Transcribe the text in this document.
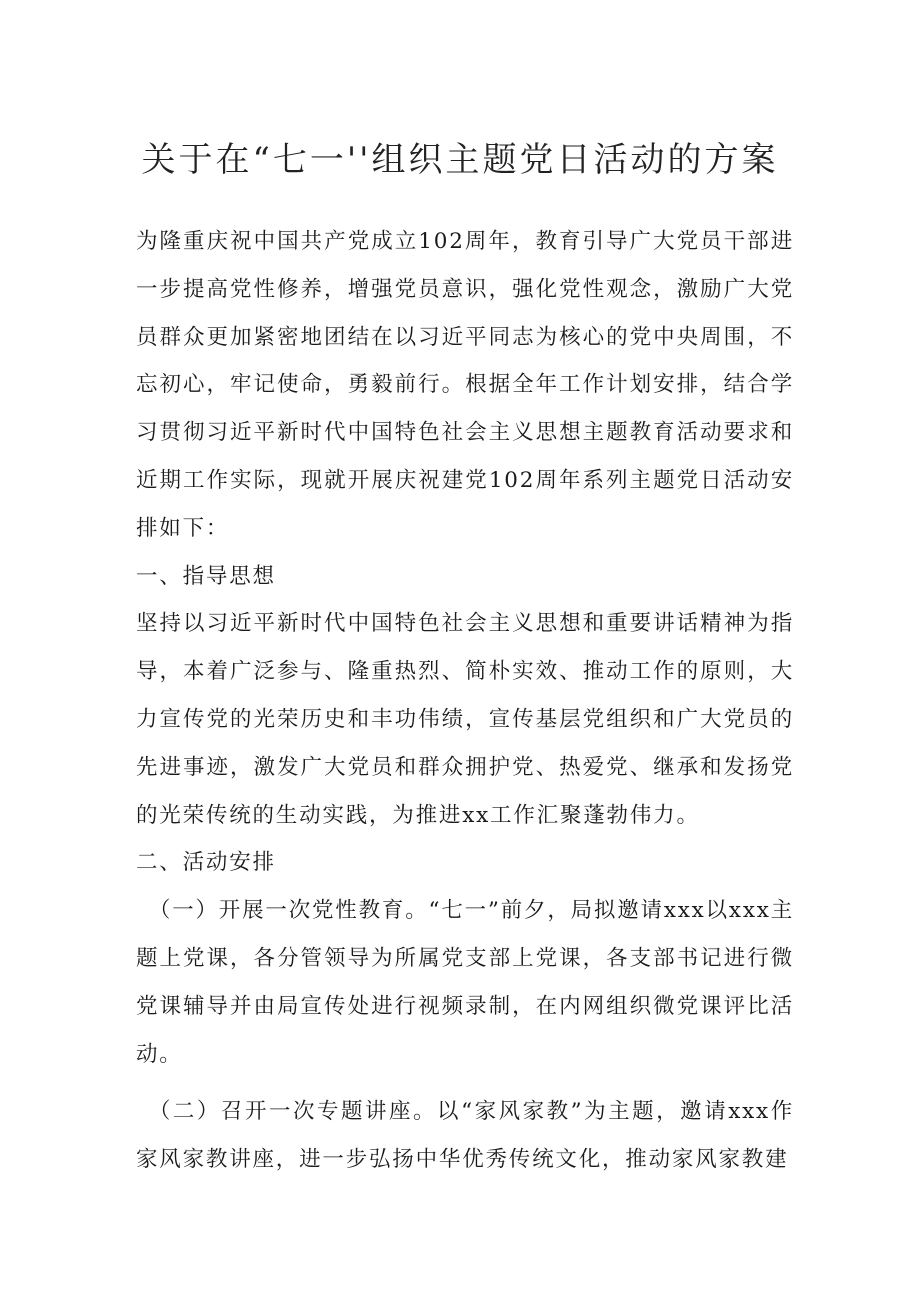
关于在“七一''组织主题党日活动的方案

为隆重庆祝中国共产党成立102周年，教育引导广大党员干部进一步提高党性修养，增强党员意识，强化党性观念，激励广大党员群众更加紧密地团结在以习近平同志为核心的党中央周围，不忘初心，牢记使命，勇毅前行。根据全年工作计划安排，结合学习贯彻习近平新时代中国特色社会主义思想主题教育活动要求和近期工作实际，现就开展庆祝建党102周年系列主题党日活动安排如下：

一、指导思想

坚持以习近平新时代中国特色社会主义思想和重要讲话精神为指导，本着广泛参与、隆重热烈、简朴实效、推动工作的原则，大力宣传党的光荣历史和丰功伟绩，宣传基层党组织和广大党员的先进事迹，激发广大党员和群众拥护党、热爱党、继承和发扬党的光荣传统的生动实践，为推进xx工作汇聚蓬勃伟力。

二、活动安排

（一）开展一次党性教育。“七一”前夕，局拟邀请xxx以xxx主题上党课，各分管领导为所属党支部上党课，各支部书记进行微党课辅导并由局宣传处进行视频录制，在内网组织微党课评比活动。

（二）召开一次专题讲座。以“家风家教”为主题，邀请xxx作家风家教讲座，进一步弘扬中华优秀传统文化，推动家风家教建
